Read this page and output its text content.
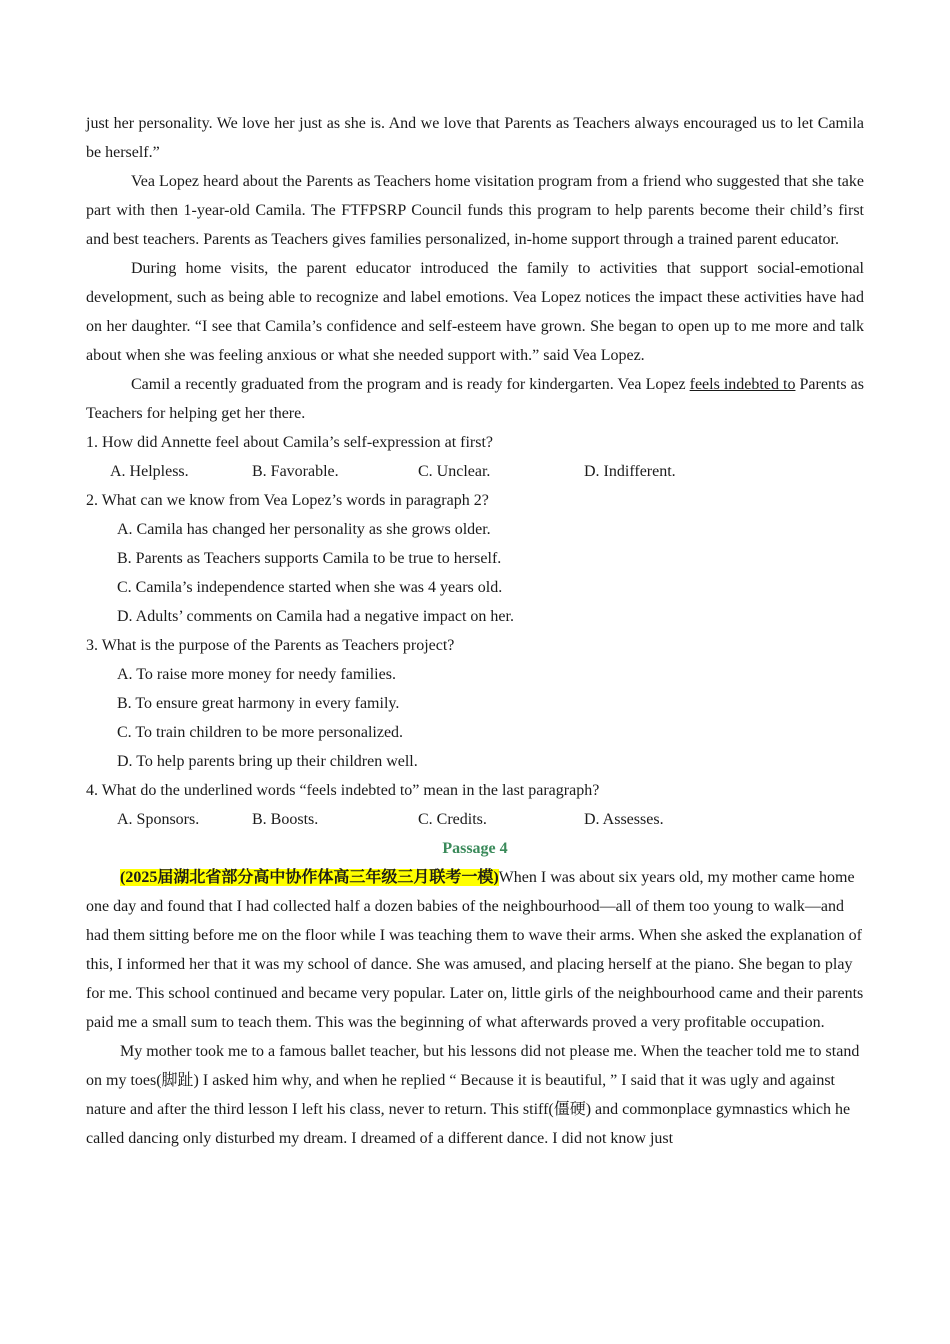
just her personality. We love her just as she is. And we love that Parents as Teachers always encouraged us to let Camila be herself.”

Vea Lopez heard about the Parents as Teachers home visitation program from a friend who suggested that she take part with then 1-year-old Camila. The FTFPSRP Council funds this program to help parents become their child’s first and best teachers. Parents as Teachers gives families personalized, in-home support through a trained parent educator.

During home visits, the parent educator introduced the family to activities that support social-emotional development, such as being able to recognize and label emotions. Vea Lopez notices the impact these activities have had on her daughter. “I see that Camila’s confidence and self-esteem have grown. She began to open up to me more and talk about when she was feeling anxious or what she needed support with.” said Vea Lopez.

Camil a recently graduated from the program and is ready for kindergarten. Vea Lopez feels indebted to Parents as Teachers for helping get her there.

1. How did Annette feel about Camila’s self-expression at first?

A. Helpless.	B. Favorable.	C. Unclear.	D. Indifferent.

2. What can we know from Vea Lopez’s words in paragraph 2?

A. Camila has changed her personality as she grows older.

B. Parents as Teachers supports Camila to be true to herself.

C. Camila’s independence started when she was 4 years old.

D. Adults’ comments on Camila had a negative impact on her.

3. What is the purpose of the Parents as Teachers project?

A. To raise more money for needy families.

B. To ensure great harmony in every family.

C. To train children to be more personalized.

D. To help parents bring up their children well.

4. What do the underlined words “feels indebted to” mean in the last paragraph?

A. Sponsors.	B. Boosts.	C. Credits.	D. Assesses.

Passage 4

(2025届湖北省部分高中协作体高三年级三月联考一模)When I was about six years old, my mother came home one day and found that I had collected half a dozen babies of the neighbourhood—all of them too young to walk—and had them sitting before me on the floor while I was teaching them to wave their arms. When she asked the explanation of this, I informed her that it was my school of dance. She was amused, and placing herself at the piano. She began to play for me. This school continued and became very popular. Later on, little girls of the neighbourhood came and their parents paid me a small sum to teach them. This was the beginning of what afterwards proved a very profitable occupation.

My mother took me to a famous ballet teacher, but his lessons did not please me. When the teacher told me to stand on my toes(脚趾) I asked him why, and when he replied “ Because it is beautiful, ” I said that it was ugly and against nature and after the third lesson I left his class, never to return. This stiff(僵硬) and commonplace gymnastics which he called dancing only disturbed my dream. I dreamed of a different dance. I did not know just
